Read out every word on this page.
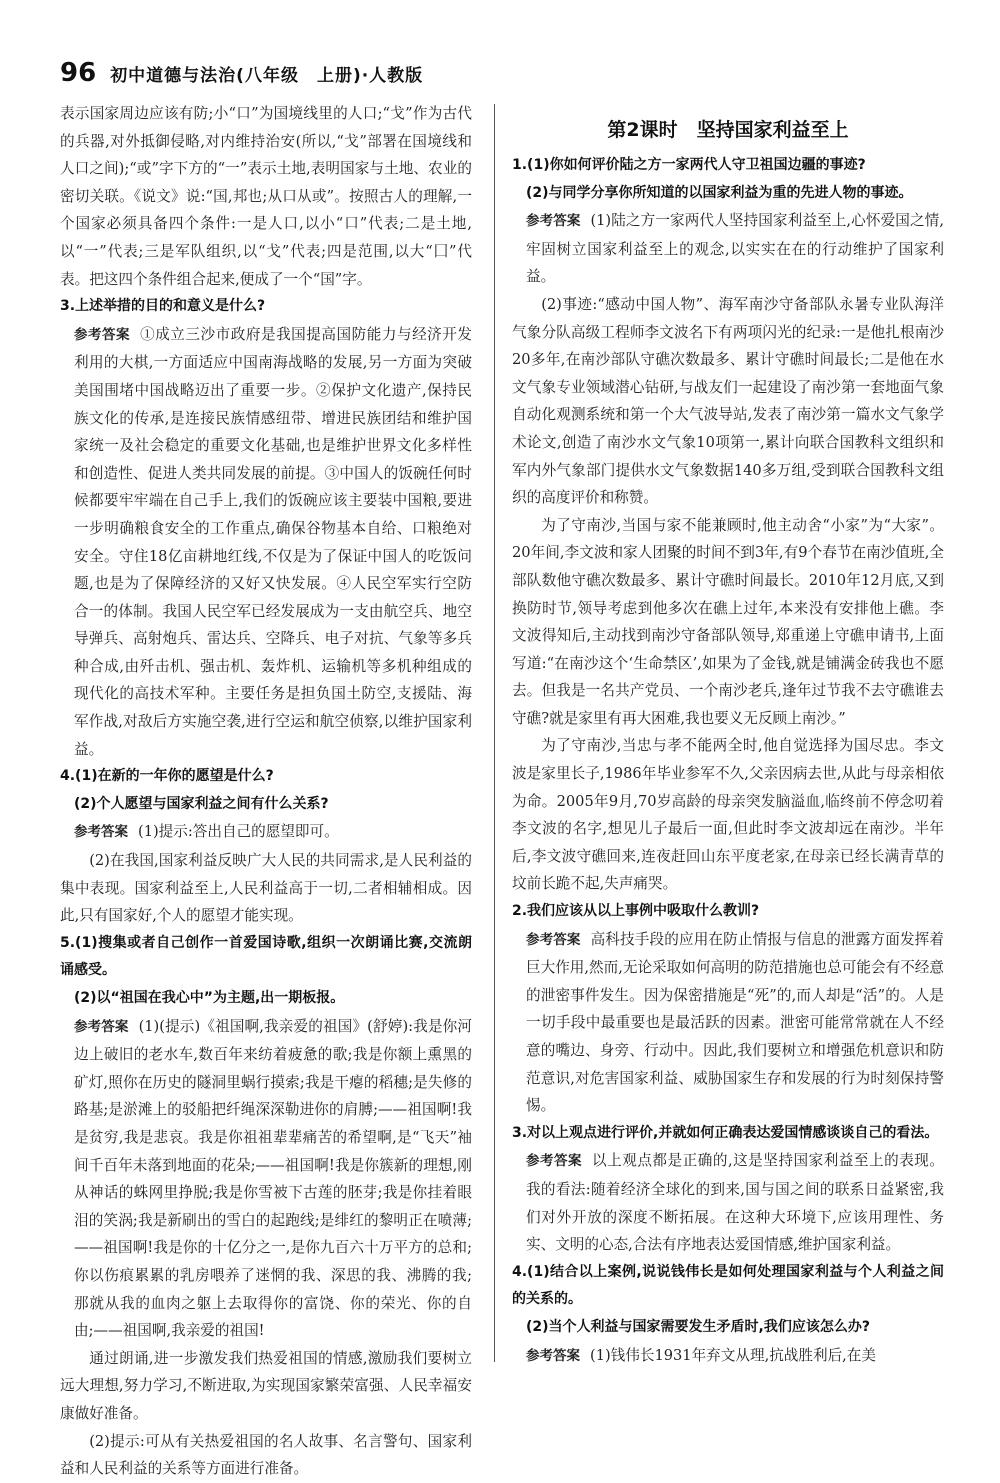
96 初中道德与法治(八年级　上册)·人教版

表示国家周边应该有防;小“口”为国境线里的人口;“戈”作为古代的兵器,对外抵御侵略,对内维持治安(所以,“戈”部署在国境线和人口之间);“或”字下方的“一”表示土地,表明国家与土地、农业的密切关联。《说文》说:“国,邦也;从口从或”。按照古人的理解,一个国家必须具备四个条件:一是人口,以小“口”代表;二是土地,以“一”代表;三是军队组织,以“戈”代表;四是范围,以大“囗”代表。把这四个条件组合起来,便成了一个“国”字。

3.上述举措的目的和意义是什么?

参考答案 ①成立三沙市政府是我国提高国防能力与经济开发利用的大棋,一方面适应中国南海战略的发展,另一方面为突破美国围堵中国战略迈出了重要一步。②保护文化遗产,保持民族文化的传承,是连接民族情感纽带、增进民族团结和维护国家统一及社会稳定的重要文化基础,也是维护世界文化多样性和创造性、促进人类共同发展的前提。③中国人的饭碗任何时候都要牢牢端在自己手上,我们的饭碗应该主要装中国粮,要进一步明确粮食安全的工作重点,确保谷物基本自给、口粮绝对安全。守住18亿亩耕地红线,不仅是为了保证中国人的吃饭问题,也是为了保障经济的又好又快发展。④人民空军实行空防合一的体制。我国人民空军已经发展成为一支由航空兵、地空导弹兵、高射炮兵、雷达兵、空降兵、电子对抗、气象等多兵种合成,由歼击机、强击机、轰炸机、运输机等多机种组成的现代化的高技术军种。主要任务是担负国土防空,支援陆、海军作战,对敌后方实施空袭,进行空运和航空侦察,以维护国家利益。

4.(1)在新的一年你的愿望是什么?

(2)个人愿望与国家利益之间有什么关系?

参考答案 (1)提示:答出自己的愿望即可。

(2)在我国,国家利益反映广大人民的共同需求,是人民利益的集中表现。国家利益至上,人民利益高于一切,二者相辅相成。因此,只有国家好,个人的愿望才能实现。

5.(1)搜集或者自己创作一首爱国诗歌,组织一次朗诵比赛,交流朗诵感受。

(2)以“祖国在我心中”为主题,出一期板报。

参考答案 (1)(提示)《祖国啊,我亲爱的祖国》(舒婷):我是你河边上破旧的老水车,数百年来纺着疲惫的歌;我是你额上熏黑的矿灯,照你在历史的隧洞里蜗行摸索;我是干瘪的稻穗;是失修的路基;是淤滩上的驳船把纤绳深深勒进你的肩膊;——祖国啊!我是贫穷,我是悲哀。我是你祖祖辈辈痛苦的希望啊,是“飞天”袖间千百年未落到地面的花朵;——祖国啊!我是你簇新的理想,刚从神话的蛛网里挣脱;我是你雪被下古莲的胚芽;我是你挂着眼泪的笑涡;我是新刷出的雪白的起跑线;是绯红的黎明正在喷薄;——祖国啊!我是你的十亿分之一,是你九百六十万平方的总和;你以伤痕累累的乳房喂养了迷惘的我、深思的我、沸腾的我;那就从我的血肉之躯上去取得你的富饶、你的荣光、你的自由;——祖国啊,我亲爱的祖国!

通过朗诵,进一步激发我们热爱祖国的情感,激励我们要树立远大理想,努力学习,不断进取,为实现国家繁荣富强、人民幸福安康做好准备。

(2)提示:可从有关热爱祖国的名人故事、名言警句、国家利益和人民利益的关系等方面进行准备。

第2课时　坚持国家利益至上

1.(1)你如何评价陆之方一家两代人守卫祖国边疆的事迹?

(2)与同学分享你所知道的以国家利益为重的先进人物的事迹。

参考答案 (1)陆之方一家两代人坚持国家利益至上,心怀爱国之情,牢固树立国家利益至上的观念,以实实在在的行动维护了国家利益。

(2)事迹:“感动中国人物”、海军南沙守备部队永暑专业队海洋气象分队高级工程师李文波名下有两项闪光的纪录:一是他扎根南沙20多年,在南沙部队守礁次数最多、累计守礁时间最长;二是他在水文气象专业领域潜心钻研,与战友们一起建设了南沙第一套地面气象自动化观测系统和第一个大气波导站,发表了南沙第一篇水文气象学术论文,创造了南沙水文气象10项第一,累计向联合国教科文组织和军内外气象部门提供水文气象数据140多万组,受到联合国教科文组织的高度评价和称赞。

为了守南沙,当国与家不能兼顾时,他主动舍“小家”为“大家”。20年间,李文波和家人团聚的时间不到3年,有9个春节在南沙值班,全部队数他守礁次数最多、累计守礁时间最长。2010年12月底,又到换防时节,领导考虑到他多次在礁上过年,本来没有安排他上礁。李文波得知后,主动找到南沙守备部队领导,郑重递上守礁申请书,上面写道:“在南沙这个‘生命禁区’,如果为了金钱,就是铺满金砖我也不愿去。但我是一名共产党员、一个南沙老兵,逢年过节我不去守礁谁去守礁?就是家里有再大困难,我也要义无反顾上南沙。”

为了守南沙,当忠与孝不能两全时,他自觉选择为国尽忠。李文波是家里长子,1986年毕业参军不久,父亲因病去世,从此与母亲相依为命。2005年9月,70岁高龄的母亲突发脑溢血,临终前不停念叨着李文波的名字,想见儿子最后一面,但此时李文波却远在南沙。半年后,李文波守礁回来,连夜赶回山东平度老家,在母亲已经长满青草的坟前长跪不起,失声痛哭。

2.我们应该从以上事例中吸取什么教训?

参考答案 高科技手段的应用在防止情报与信息的泄露方面发挥着巨大作用,然而,无论采取如何高明的防范措施也总可能会有不经意的泄密事件发生。因为保密措施是“死”的,而人却是“活”的。人是一切手段中最重要也是最活跃的因素。泄密可能常常就在人不经意的嘴边、身旁、行动中。因此,我们要树立和增强危机意识和防范意识,对危害国家利益、威胁国家生存和发展的行为时刻保持警惕。

3.对以上观点进行评价,并就如何正确表达爱国情感谈谈自己的看法。

参考答案 以上观点都是正确的,这是坚持国家利益至上的表现。我的看法:随着经济全球化的到来,国与国之间的联系日益紧密,我们对外开放的深度不断拓展。在这种大环境下,应该用理性、务实、文明的心态,合法有序地表达爱国情感,维护国家利益。

4.(1)结合以上案例,说说钱伟长是如何处理国家利益与个人利益之间的关系的。

(2)当个人利益与国家需要发生矛盾时,我们应该怎么办?

参考答案 (1)钱伟长1931年弃文从理,抗战胜利后,在美
